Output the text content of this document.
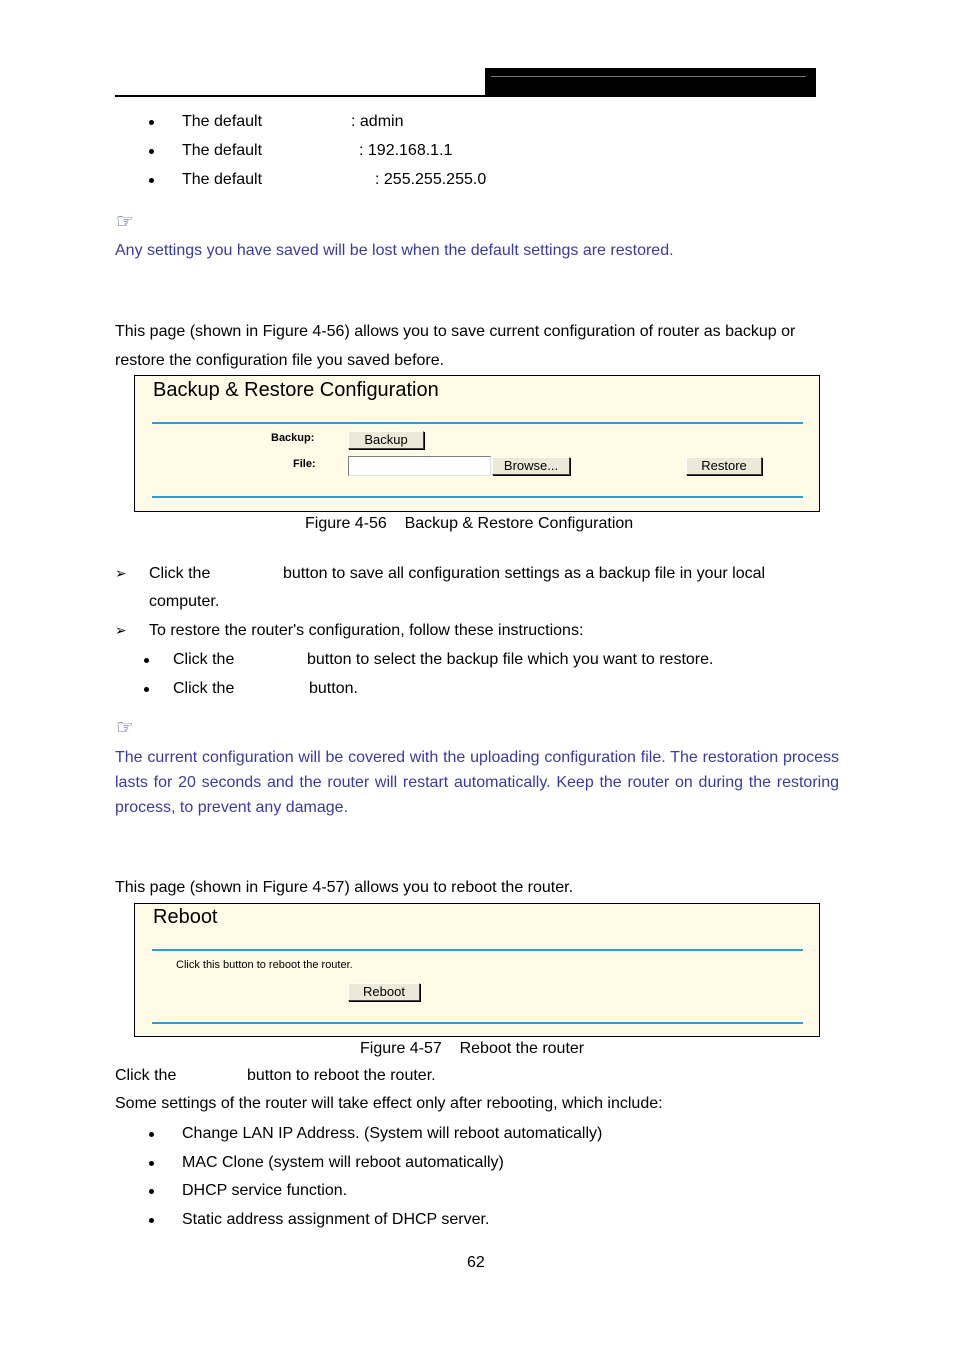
The default	: admin
The default	: 192.168.1.1
The default	: 255.255.255.0
☞
Any settings you have saved will be lost when the default settings are restored.
This page (shown in Figure 4-56) allows you to save current configuration of router as backup or
restore the configuration file you saved before.
Backup & Restore Configuration
Backup:	Backup
File:	Browse...	Restore
Figure 4-56    Backup & Restore Configuration
➢ Click the	button to save all configuration settings as a backup file in your local
computer.
➢ To restore the router's configuration, follow these instructions:
Click the	button to select the backup file which you want to restore.
Click the	button.
☞
The current configuration will be covered with the uploading configuration file. The restoration process lasts for 20 seconds and the router will restart automatically. Keep the router on during the restoring process, to prevent any damage.
This page (shown in Figure 4-57) allows you to reboot the router.
Reboot
Click this button to reboot the router.
Reboot
Figure 4-57    Reboot the router
Click the	button to reboot the router.
Some settings of the router will take effect only after rebooting, which include:
Change LAN IP Address. (System will reboot automatically)
MAC Clone (system will reboot automatically)
DHCP service function.
Static address assignment of DHCP server.
62
